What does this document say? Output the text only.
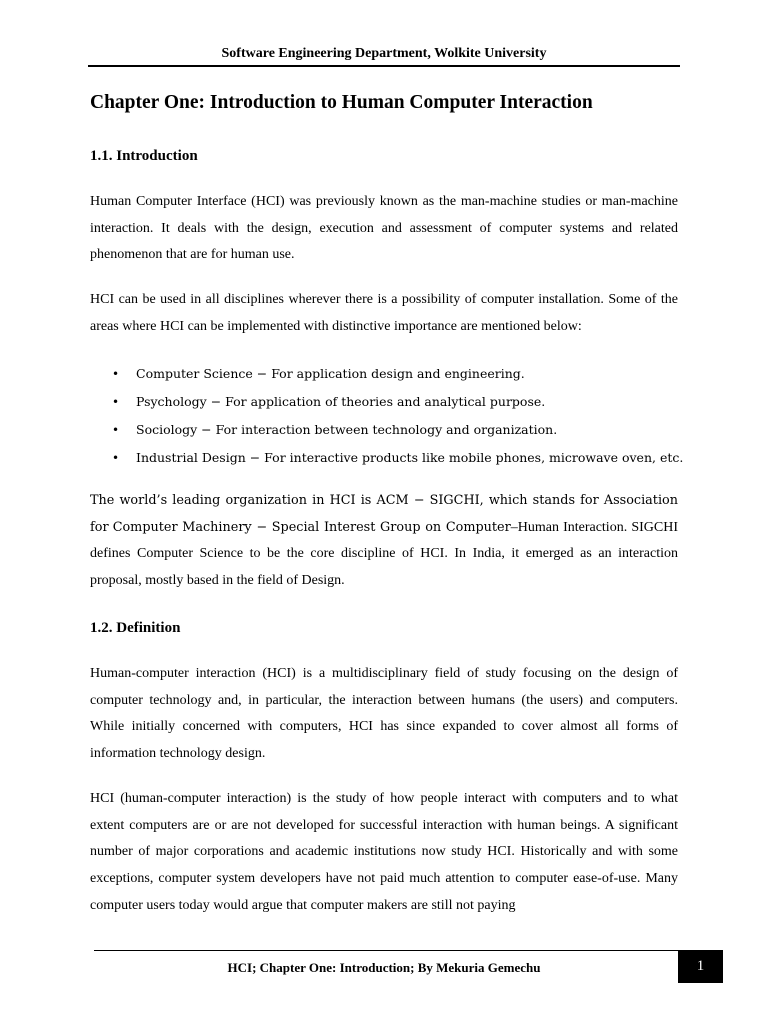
Software Engineering Department, Wolkite University
Chapter One: Introduction to Human Computer Interaction
1.1. Introduction

Human Computer Interface (HCI) was previously known as the man-machine studies or man-machine interaction. It deals with the design, execution and assessment of computer systems and related phenomenon that are for human use.

HCI can be used in all disciplines wherever there is a possibility of computer installation. Some of the areas where HCI can be implemented with distinctive importance are mentioned below:

• Computer Science − For application design and engineering.
• Psychology − For application of theories and analytical purpose.
• Sociology − For interaction between technology and organization.
• Industrial Design − For interactive products like mobile phones, microwave oven, etc.

The world’s leading organization in HCI is ACM − SIGCHI, which stands for Association for Computer Machinery − Special Interest Group on Computer–Human Interaction. SIGCHI defines Computer Science to be the core discipline of HCI. In India, it emerged as an interaction proposal, mostly based in the field of Design.

1.2. Definition

Human-computer interaction (HCI) is a multidisciplinary field of study focusing on the design of computer technology and, in particular, the interaction between humans (the users) and computers. While initially concerned with computers, HCI has since expanded to cover almost all forms of information technology design.

HCI (human-computer interaction) is the study of how people interact with computers and to what extent computers are or are not developed for successful interaction with human beings. A significant number of major corporations and academic institutions now study HCI. Historically and with some exceptions, computer system developers have not paid much attention to computer ease-of-use. Many computer users today would argue that computer makers are still not paying

HCI; Chapter One: Introduction; By Mekuria Gemechu	1
